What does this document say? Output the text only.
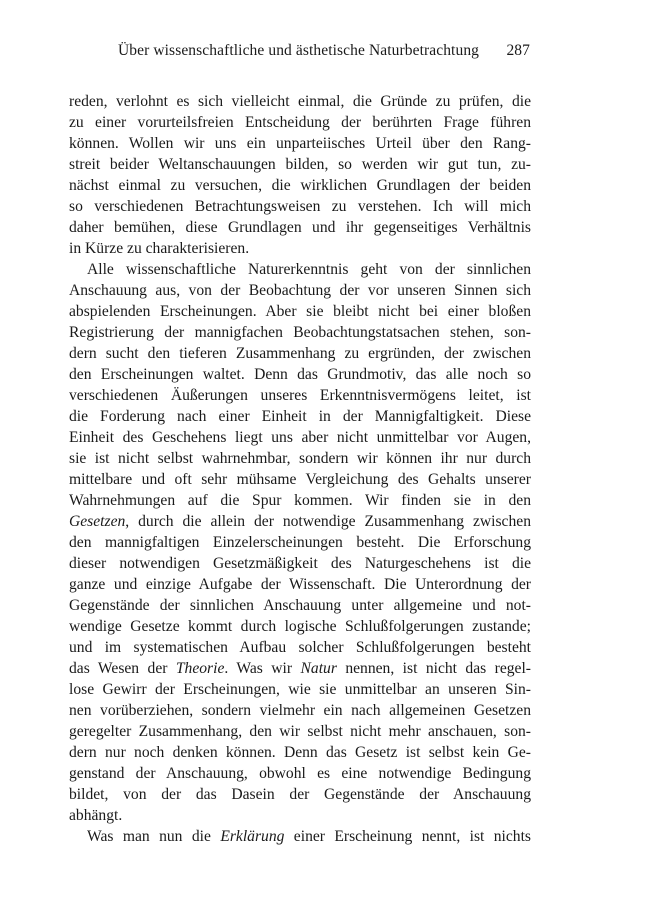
Über wissenschaftliche und ästhetische Naturbetrachtung 287
reden, verlohnt es sich vielleicht einmal, die Gründe zu prüfen, die
zu einer vorurteilsfreien Entscheidung der berührten Frage führen
können. Wollen wir uns ein unparteiisches Urteil über den Rang-
streit beider Weltanschauungen bilden, so werden wir gut tun, zu-
nächst einmal zu versuchen, die wirklichen Grundlagen der beiden
so verschiedenen Betrachtungsweisen zu verstehen. Ich will mich
daher bemühen, diese Grundlagen und ihr gegenseitiges Verhältnis
in Kürze zu charakterisieren.
Alle wissenschaftliche Naturerkenntnis geht von der sinnlichen
Anschauung aus, von der Beobachtung der vor unseren Sinnen sich
abspielenden Erscheinungen. Aber sie bleibt nicht bei einer bloßen
Registrierung der mannigfachen Beobachtungstatsachen stehen, son-
dern sucht den tieferen Zusammenhang zu ergründen, der zwischen
den Erscheinungen waltet. Denn das Grundmotiv, das alle noch so
verschiedenen Äußerungen unseres Erkenntnisvermögens leitet, ist
die Forderung nach einer Einheit in der Mannigfaltigkeit. Diese
Einheit des Geschehens liegt uns aber nicht unmittelbar vor Augen,
sie ist nicht selbst wahrnehmbar, sondern wir können ihr nur durch
mittelbare und oft sehr mühsame Vergleichung des Gehalts unserer
Wahrnehmungen auf die Spur kommen. Wir finden sie in den
Gesetzen, durch die allein der notwendige Zusammenhang zwischen
den mannigfaltigen Einzelerscheinungen besteht. Die Erforschung
dieser notwendigen Gesetzmäßigkeit des Naturgeschehens ist die
ganze und einzige Aufgabe der Wissenschaft. Die Unterordnung der
Gegenstände der sinnlichen Anschauung unter allgemeine und not-
wendige Gesetze kommt durch logische Schlußfolgerungen zustande;
und im systematischen Aufbau solcher Schlußfolgerungen besteht
das Wesen der Theorie. Was wir Natur nennen, ist nicht das regel-
lose Gewirr der Erscheinungen, wie sie unmittelbar an unseren Sin-
nen vorüberziehen, sondern vielmehr ein nach allgemeinen Gesetzen
geregelter Zusammenhang, den wir selbst nicht mehr anschauen, son-
dern nur noch denken können. Denn das Gesetz ist selbst kein Ge-
genstand der Anschauung, obwohl es eine notwendige Bedingung
bildet, von der das Dasein der Gegenstände der Anschauung
abhängt.
Was man nun die Erklärung einer Erscheinung nennt, ist nichts
